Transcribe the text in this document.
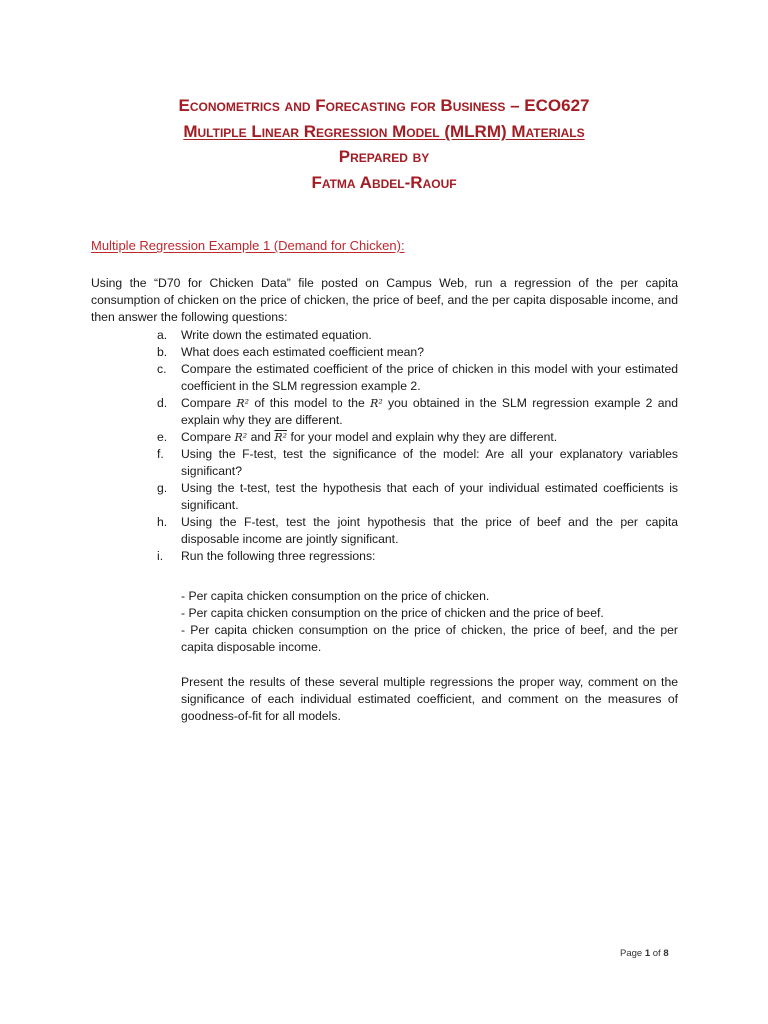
Econometrics and Forecasting for Business – ECO627
Multiple Linear Regression Model (MLRM) Materials
Prepared by
Fatma Abdel-Raouf
Multiple Regression Example 1 (Demand for Chicken):
Using the “D70 for Chicken Data” file posted on Campus Web, run a regression of the per capita consumption of chicken on the price of chicken, the price of beef, and the per capita disposable income, and then answer the following questions:
a. Write down the estimated equation.
b. What does each estimated coefficient mean?
c. Compare the estimated coefficient of the price of chicken in this model with your estimated coefficient in the SLM regression example 2.
d. Compare R² of this model to the R² you obtained in the SLM regression example 2 and explain why they are different.
e. Compare R² and R² for your model and explain why they are different.
f. Using the F-test, test the significance of the model: Are all your explanatory variables significant?
g. Using the t-test, test the hypothesis that each of your individual estimated coefficients is significant.
h. Using the F-test, test the joint hypothesis that the price of beef and the per capita disposable income are jointly significant.
i. Run the following three regressions:
- Per capita chicken consumption on the price of chicken.
- Per capita chicken consumption on the price of chicken and the price of beef.
- Per capita chicken consumption on the price of chicken, the price of beef, and the per capita disposable income.
Present the results of these several multiple regressions the proper way, comment on the significance of each individual estimated coefficient, and comment on the measures of goodness-of-fit for all models.
Page 1 of 8
